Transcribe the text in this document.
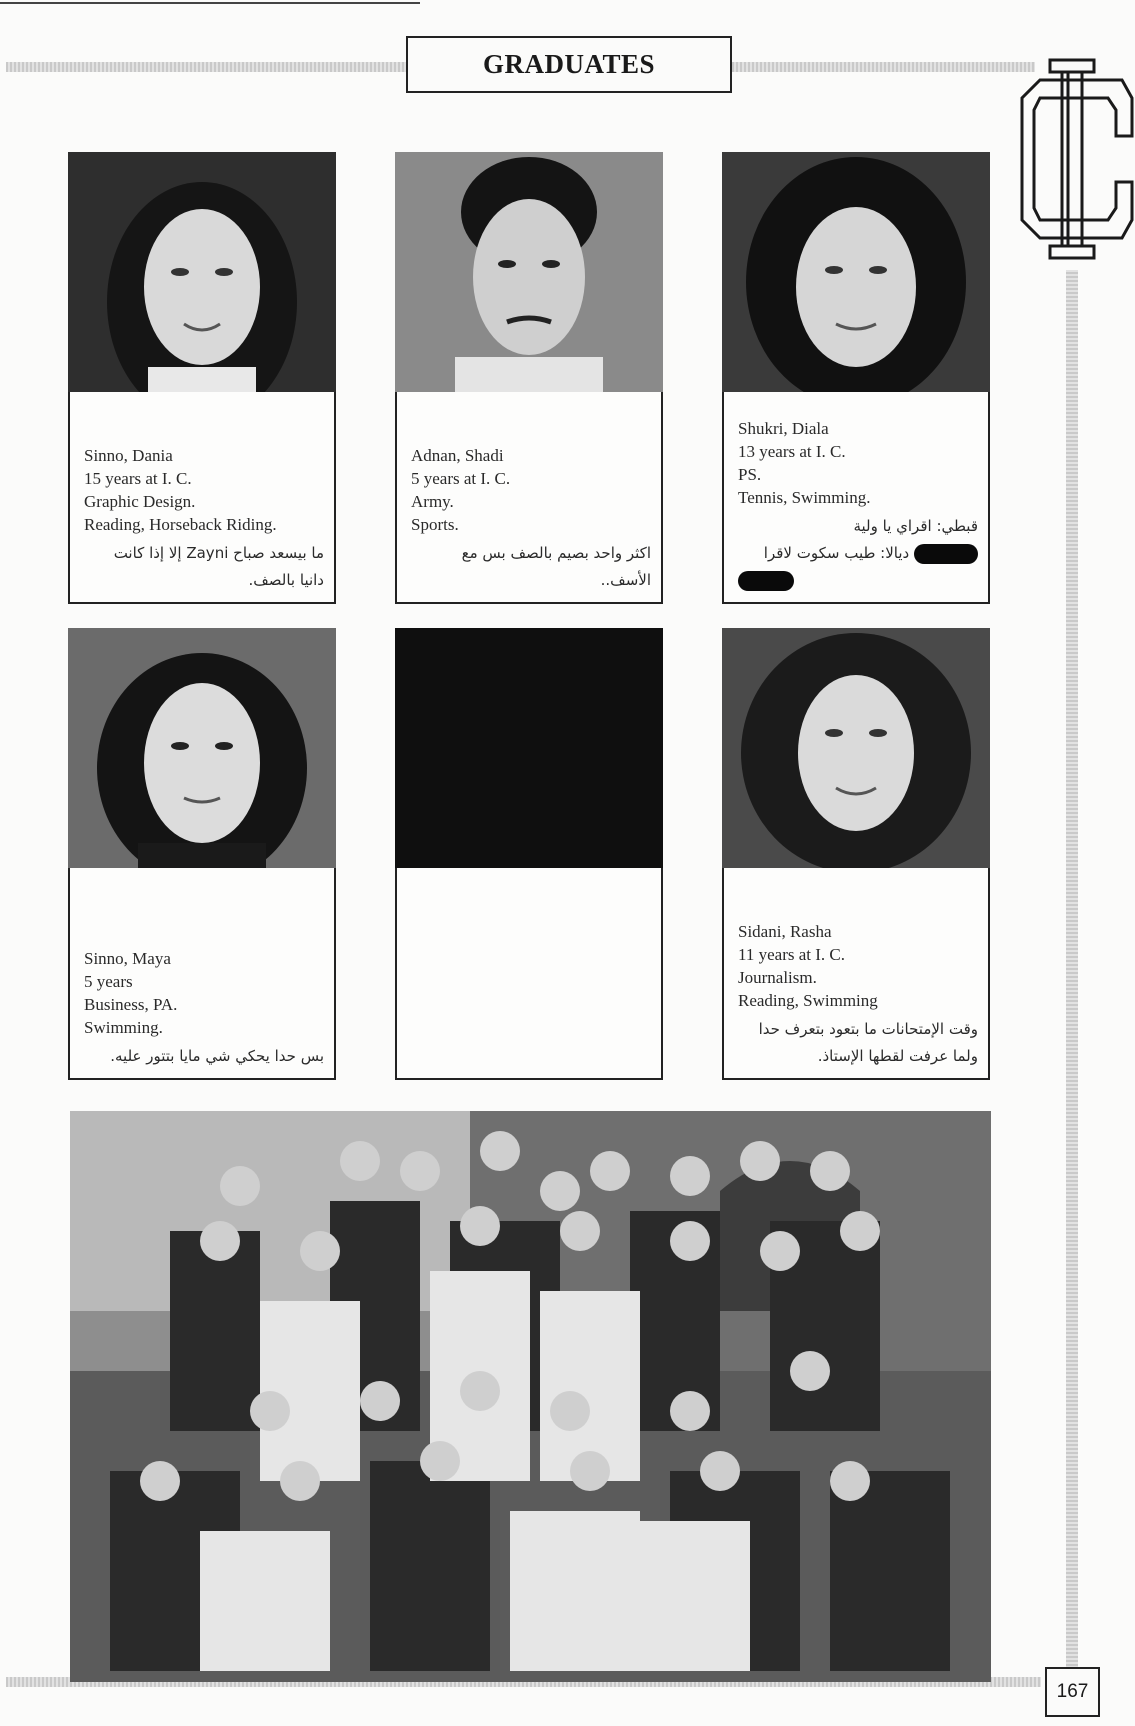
GRADUATES
Sinno, Dania
15 years at I. C.
Graphic Design.
Reading, Horseback Riding.
ما بيسعد صباح Zayni إلا إذا كانت
دانيا بالصف.
Adnan, Shadi
5 years at I. C.
Army.
Sports.
اكثر واحد بصيم بالصف بس مع
الأسف..
Shukri, Diala
13 years at I. C.
PS.
Tennis, Swimming.
قبطي: اقراي يا ولية
ديالا: طيب سكوت لاقرا
Sinno, Maya
5 years
Business, PA.
Swimming.
بس حدا يحكي شي مايا بتتور عليه.
Sidani, Rasha
11 years at I. C.
Journalism.
Reading, Swimming
وقت الإمتحانات ما بتعود بتعرف حدا
ولما عرفت لقطها الإستاذ.
167
